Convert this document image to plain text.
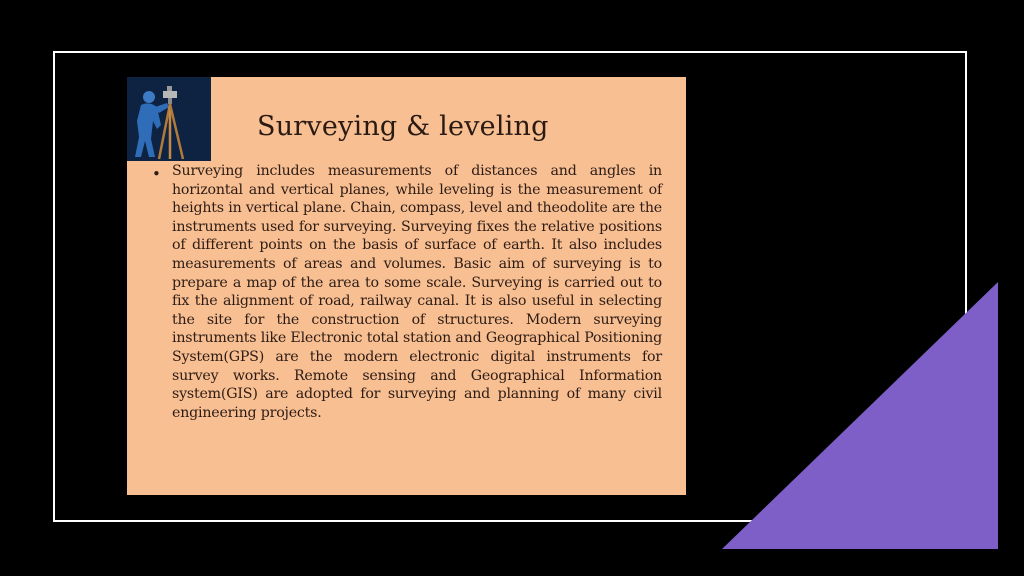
Surveying & leveling
• Surveying includes measurements of distances and angles in horizontal and vertical planes, while leveling is the measurement of heights in vertical plane. Chain, compass, level and theodolite are the instruments used for surveying. Surveying fixes the relative positions of different points on the basis of surface of earth. It also includes measurements of areas and volumes. Basic aim of surveying is to prepare a map of the area to some scale. Surveying is carried out to fix the alignment of road, railway canal. It is also useful in selecting the site for the construction of structures. Modern surveying instruments like Electronic total station and Geographical Positioning System(GPS) are the modern electronic digital instruments for survey works. Remote sensing and Geographical Information system(GIS) are adopted for surveying and planning of many civil engineering projects.
